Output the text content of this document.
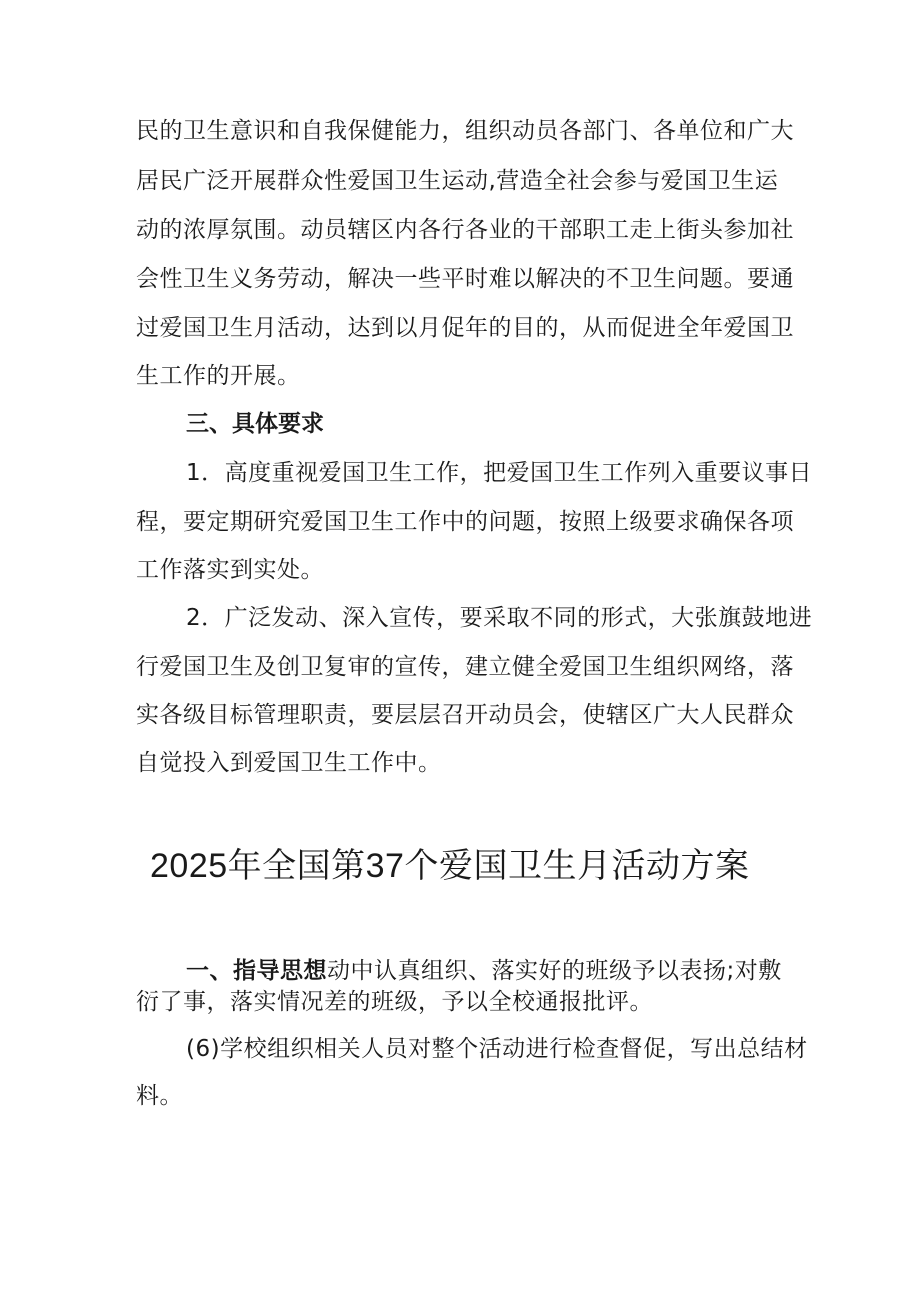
民的卫生意识和自我保健能力，组织动员各部门、各单位和广大
居民广泛开展群众性爱国卫生运动,营造全社会参与爱国卫生运
动的浓厚氛围。动员辖区内各行各业的干部职工走上街头参加社
会性卫生义务劳动，解决一些平时难以解决的不卫生问题。要通
过爱国卫生月活动，达到以月促年的目的，从而促进全年爱国卫
生工作的开展。
三、具体要求
1．高度重视爱国卫生工作，把爱国卫生工作列入重要议事日
程，要定期研究爱国卫生工作中的问题，按照上级要求确保各项
工作落实到实处。
2．广泛发动、深入宣传，要采取不同的形式，大张旗鼓地进
行爱国卫生及创卫复审的宣传，建立健全爱国卫生组织网络，落
实各级目标管理职责，要层层召开动员会，使辖区广大人民群众
自觉投入到爱国卫生工作中。
2025年全国第37个爱国卫生月活动方案
一、指导思想动中认真组织、落实好的班级予以表扬;对敷
衍了事，落实情况差的班级，予以全校通报批评。
(6)学校组织相关人员对整个活动进行检查督促，写出总结材
料。
